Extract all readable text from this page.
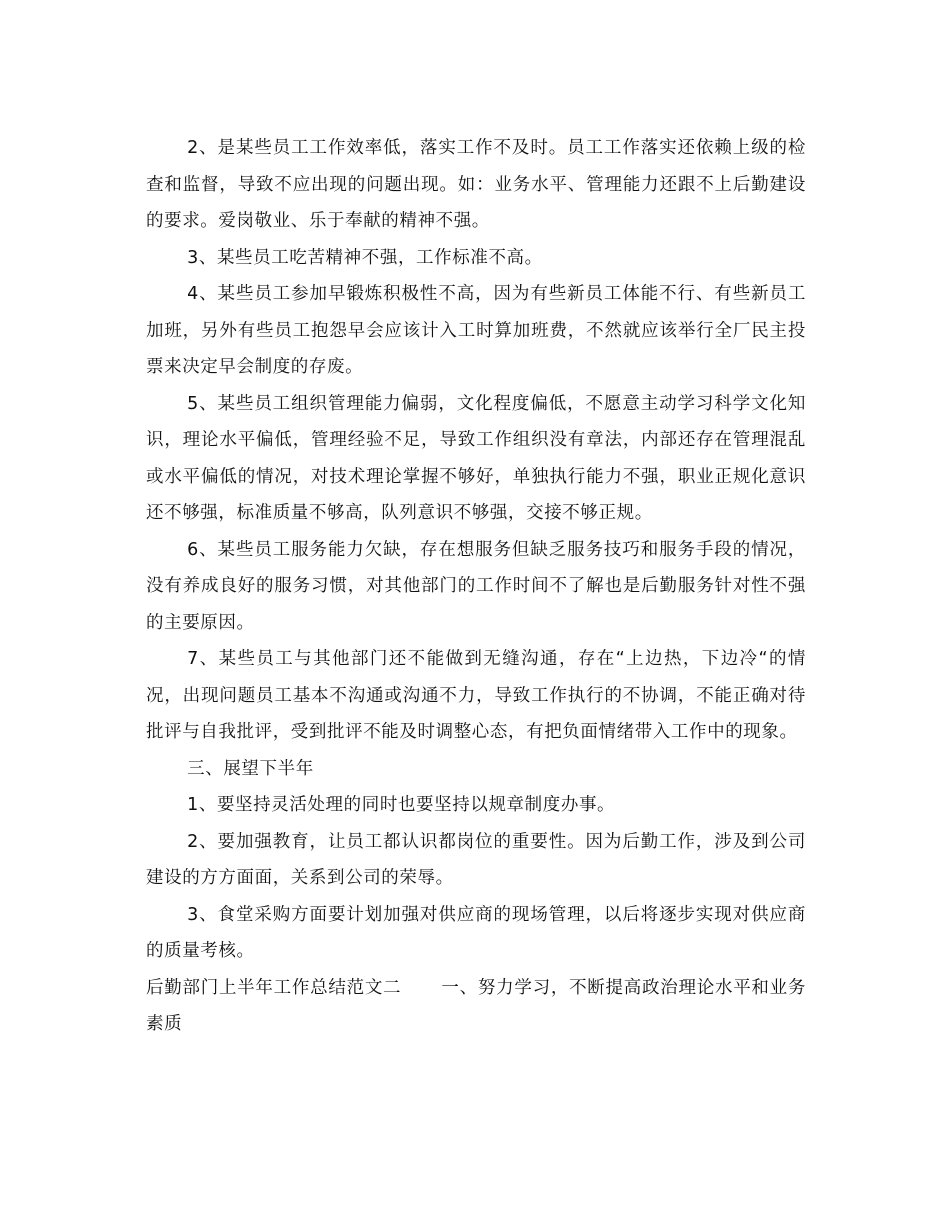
2、是某些员工工作效率低，落实工作不及时。员工工作落实还依赖上级的检查和监督，导致不应出现的问题出现。如：业务水平、管理能力还跟不上后勤建设的要求。爱岗敬业、乐于奉献的精神不强。

3、某些员工吃苦精神不强，工作标准不高。

4、某些员工参加早锻炼积极性不高，因为有些新员工体能不行、有些新员工加班，另外有些员工抱怨早会应该计入工时算加班费，不然就应该举行全厂民主投票来决定早会制度的存废。

5、某些员工组织管理能力偏弱，文化程度偏低，不愿意主动学习科学文化知识，理论水平偏低，管理经验不足，导致工作组织没有章法，内部还存在管理混乱或水平偏低的情况，对技术理论掌握不够好，单独执行能力不强，职业正规化意识还不够强，标准质量不够高，队列意识不够强，交接不够正规。

6、某些员工服务能力欠缺，存在想服务但缺乏服务技巧和服务手段的情况，没有养成良好的服务习惯，对其他部门的工作时间不了解也是后勤服务针对性不强的主要原因。

7、某些员工与其他部门还不能做到无缝沟通，存在“上边热，下边冷“的情况，出现问题员工基本不沟通或沟通不力，导致工作执行的不协调，不能正确对待批评与自我批评，受到批评不能及时调整心态，有把负面情绪带入工作中的现象。

三、展望下半年

1、要坚持灵活处理的同时也要坚持以规章制度办事。

2、要加强教育，让员工都认识都岗位的重要性。因为后勤工作，涉及到公司建设的方方面面，关系到公司的荣辱。

3、食堂采购方面要计划加强对供应商的现场管理，以后将逐步实现对供应商的质量考核。

后勤部门上半年工作总结范文二 一、努力学习，不断提高政治理论水平和业务素质
